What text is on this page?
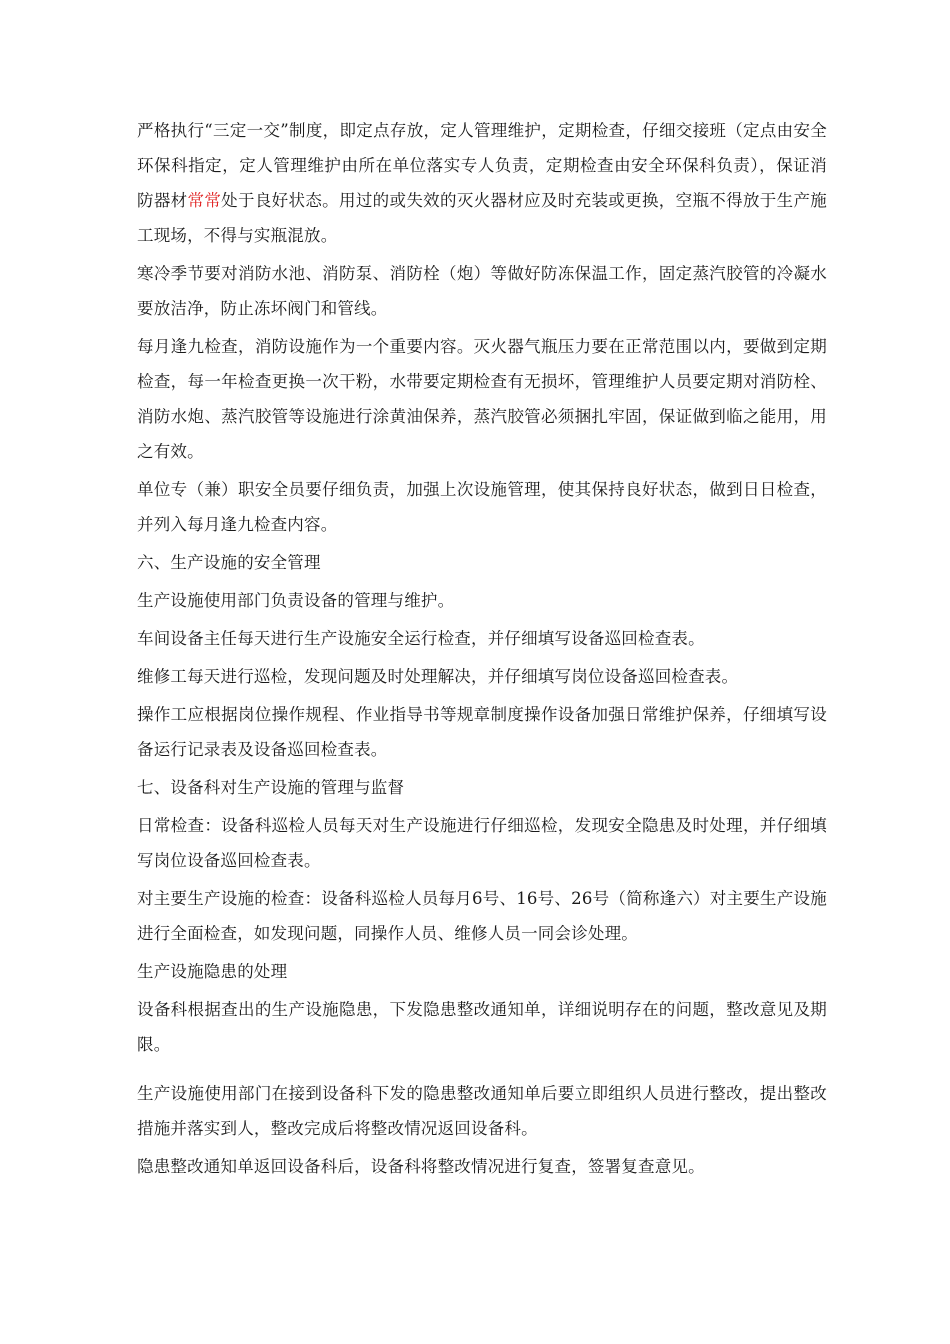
严格执行“三定一交”制度，即定点存放，定人管理维护，定期检查，仔细交接班（定点由安全环保科指定，定人管理维护由所在单位落实专人负责，定期检查由安全环保科负责），保证消防器材常常处于良好状态。用过的或失效的灭火器材应及时充装或更换，空瓶不得放于生产施工现场，不得与实瓶混放。

寒冷季节要对消防水池、消防泵、消防栓（炮）等做好防冻保温工作，固定蒸汽胶管的冷凝水要放洁净，防止冻坏阀门和管线。

每月逢九检查，消防设施作为一个重要内容。灭火器气瓶压力要在正常范围以内，要做到定期检查，每一年检查更换一次干粉，水带要定期检查有无损坏，管理维护人员要定期对消防栓、消防水炮、蒸汽胶管等设施进行涂黄油保养，蒸汽胶管必须捆扎牢固，保证做到临之能用，用之有效。

单位专（兼）职安全员要仔细负责，加强上次设施管理，使其保持良好状态，做到日日检查，并列入每月逢九检查内容。

六、生产设施的安全管理

生产设施使用部门负责设备的管理与维护。

车间设备主任每天进行生产设施安全运行检查，并仔细填写设备巡回检查表。

维修工每天进行巡检，发现问题及时处理解决，并仔细填写岗位设备巡回检查表。

操作工应根据岗位操作规程、作业指导书等规章制度操作设备加强日常维护保养，仔细填写设备运行记录表及设备巡回检查表。

七、设备科对生产设施的管理与监督

日常检查：设备科巡检人员每天对生产设施进行仔细巡检，发现安全隐患及时处理，并仔细填写岗位设备巡回检查表。

对主要生产设施的检查：设备科巡检人员每月6号、16号、26号（简称逢六）对主要生产设施进行全面检查，如发现问题，同操作人员、维修人员一同会诊处理。

生产设施隐患的处理

设备科根据查出的生产设施隐患，下发隐患整改通知单，详细说明存在的问题，整改意见及期限。

生产设施使用部门在接到设备科下发的隐患整改通知单后要立即组织人员进行整改，提出整改措施并落实到人，整改完成后将整改情况返回设备科。

隐患整改通知单返回设备科后，设备科将整改情况进行复查，签署复查意见。
